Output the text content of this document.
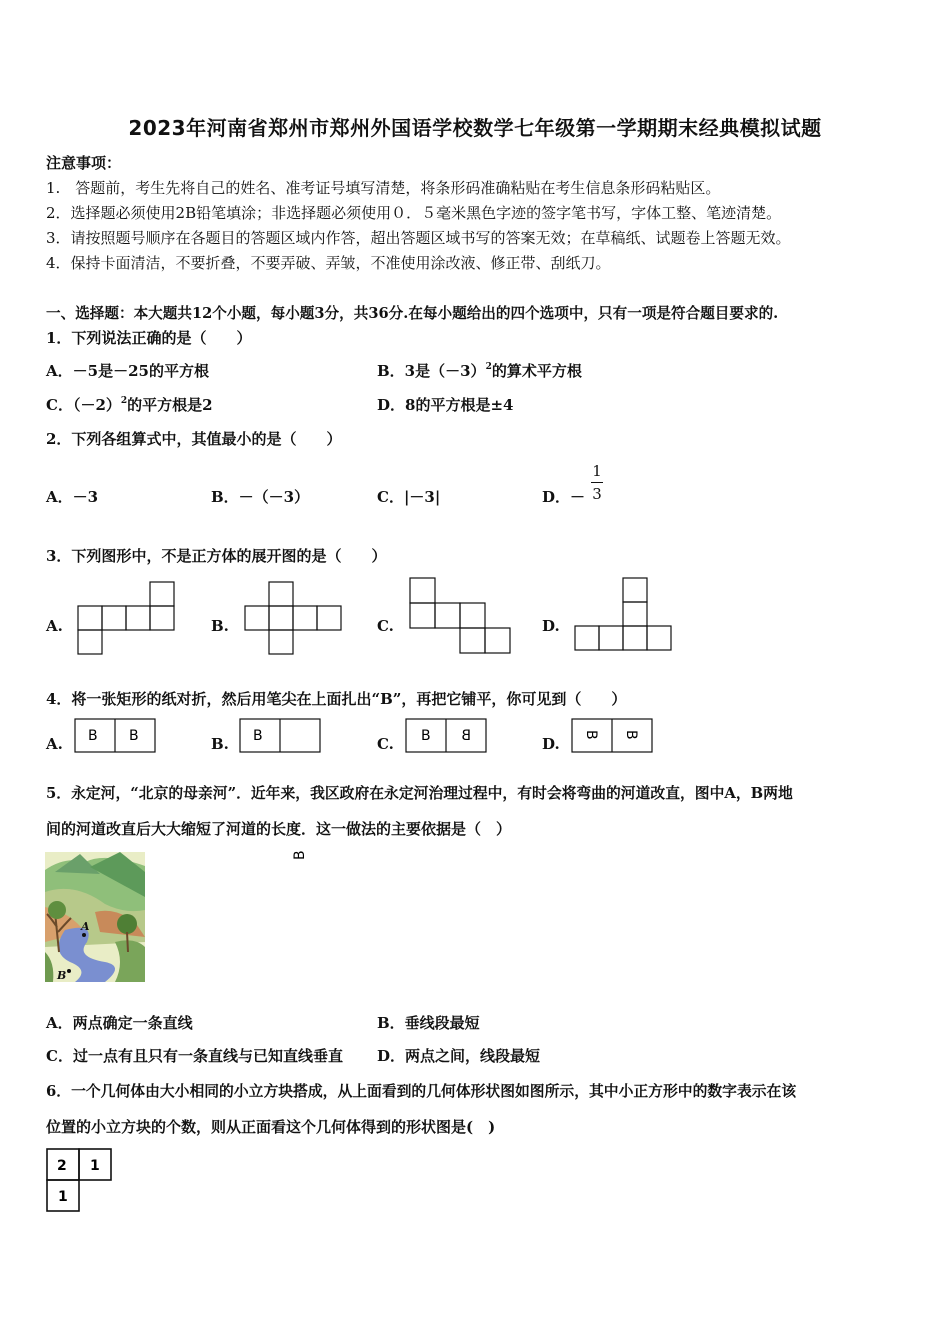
2023年河南省郑州市郑州外国语学校数学七年级第一学期期末经典模拟试题
注意事项：
1.　答题前，考生先将自己的姓名、准考证号填写清楚，将条形码准确粘贴在考生信息条形码粘贴区。
2．选择题必须使用2B铅笔填涂；非选择题必须使用０．５毫米黑色字迹的签字笔书写，字体工整、笔迹清楚。
3．请按照题号顺序在各题目的答题区域内作答，超出答题区域书写的答案无效；在草稿纸、试题卷上答题无效。
4．保持卡面清洁，不要折叠，不要弄破、弄皱，不准使用涂改液、修正带、刮纸刀。
一、选择题：本大题共12个小题，每小题3分，共36分.在每小题给出的四个选项中，只有一项是符合题目要求的.
1．下列说法正确的是（　　）
A．－5是－25的平方根	B．3是$(-3)^2$的算术平方根
C．$(-2)^2$的平方根是2	D．8的平方根是±4
2．下列各组算式中，其值最小的是（　　）
A．－3	B．－（－3）	C．|－3|	D．－
1
3
3．下列图形中，不是正方体的展开图的是（　　）
A.	B.	C.	D.
4．将一张矩形的纸对折，然后用笔尖在上面扎出“B”，再把它铺平，你可见到（　　）
A. B B	B. B
B
C. B B	D.
B B
5．永定河，“北京的母亲河”．近年来，我区政府在永定河治理过程中，有时会将弯曲的河道改直，图中A，B两地
间的河道改直后大大缩短了河道的长度．这一做法的主要依据是（　）
A
B
A．两点确定一条直线	B．垂线段最短
C．过一点有且只有一条直线与已知直线垂直 D．两点之间，线段最短
6．一个几何体由大小相同的小立方块搭成，从上面看到的几何体形状图如图所示，其中小正方形中的数字表示在该
位置的小立方块的个数，则从正面看这个几何体得到的形状图是(　)
2 1
1
